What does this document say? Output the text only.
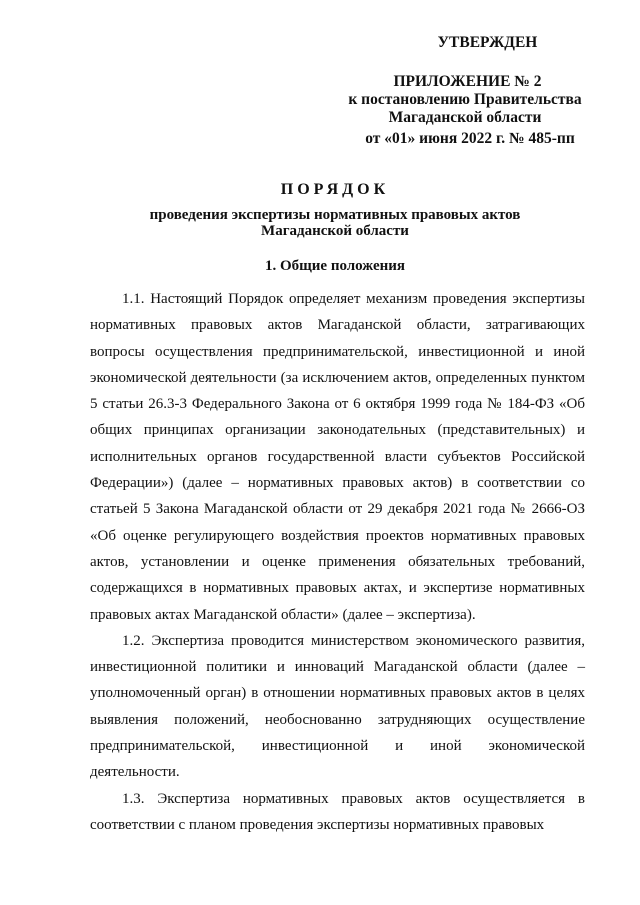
УТВЕРЖДЕН
ПРИЛОЖЕНИЕ № 2
к постановлению Правительства
Магаданской области
от «01» июня 2022 г. № 485-пп
ПОРЯДОК
проведения экспертизы нормативных правовых актов
Магаданской области
1. Общие положения

1.1. Настоящий Порядок определяет механизм проведения экспертизы нормативных правовых актов Магаданской области, затрагивающих вопросы осуществления предпринимательской, инвестиционной и иной экономической деятельности (за исключением актов, определенных пунктом 5 статьи 26.3-3 Федерального Закона от 6 октября 1999 года № 184-ФЗ «Об общих принципах организации законодательных (представительных) и исполнительных органов государственной власти субъектов Российской Федерации») (далее – нормативных правовых актов) в соответствии со статьей 5 Закона Магаданской области от 29 декабря 2021 года № 2666-ОЗ «Об оценке регулирующего воздействия проектов нормативных правовых актов, установлении и оценке применения обязательных требований, содержащихся в нормативных правовых актах, и экспертизе нормативных правовых актах Магаданской области» (далее – экспертиза).

1.2. Экспертиза проводится министерством экономического развития, инвестиционной политики и инноваций Магаданской области (далее – уполномоченный орган) в отношении нормативных правовых актов в целях выявления положений, необоснованно затрудняющих осуществление предпринимательской, инвестиционной и иной экономической деятельности.

1.3. Экспертиза нормативных правовых актов осуществляется в соответствии с планом проведения экспертизы нормативных правовых
